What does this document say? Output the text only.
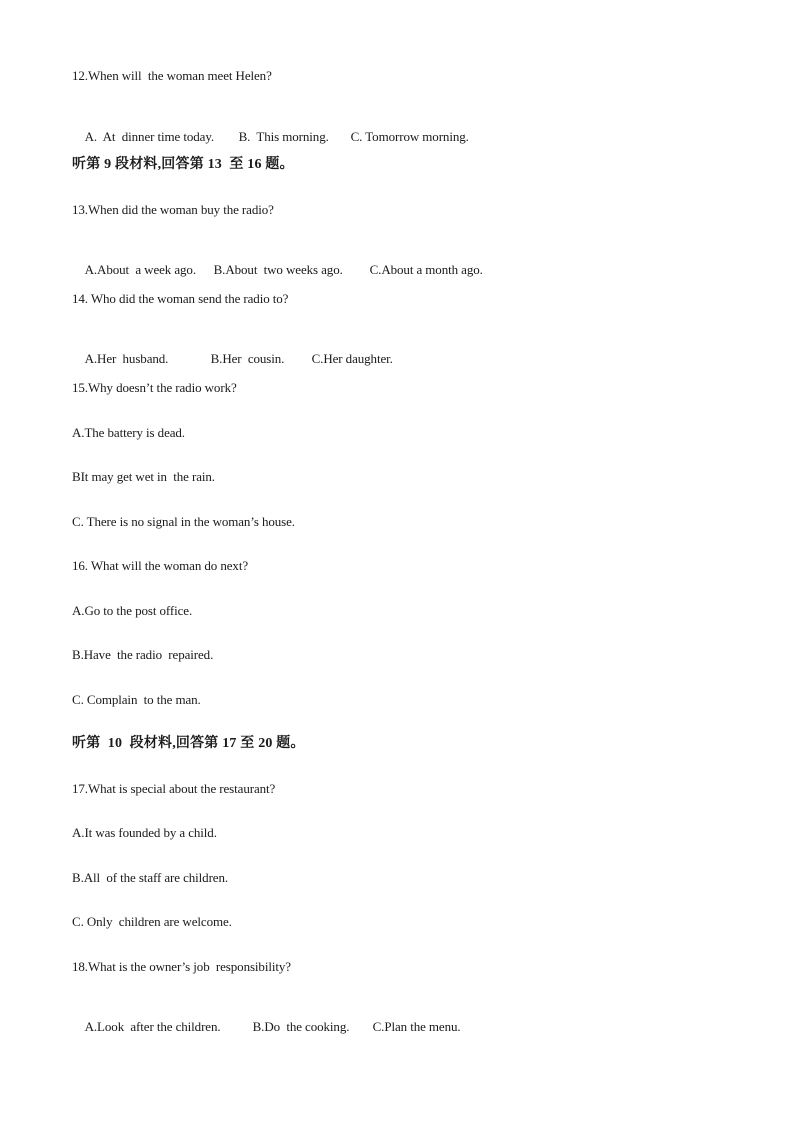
12.When will  the woman meet Helen?

A.  At  dinner time today. B.  This morning. C. Tomorrow morning.

听第 9 段材料,回答第 13  至 16 题。
13.When did the woman buy the radio?

A.About  a week ago. B.About  two weeks ago. C.About a month ago.

14. Who did the woman send the radio to?

A.Her  husband.	B.Her  cousin. C.Her daughter.

15.Why doesn’t the radio work?
A.The battery is dead.
BIt may get wet in  the rain.
C. There is no signal in the woman’s house.
16. What will the woman do next?
A.Go to the post office.
B.Have  the radio  repaired.
C. Complain  to the man.
听第  10  段材料,回答第 17 至 20 题。
17.What is special about the restaurant?
A.It was founded by a child.
B.All  of the staff are children.
C. Only  children are welcome.
18.What is the owner’s job  responsibility?

A.Look  after the children. B.Do  the cooking. C.Plan the menu.
